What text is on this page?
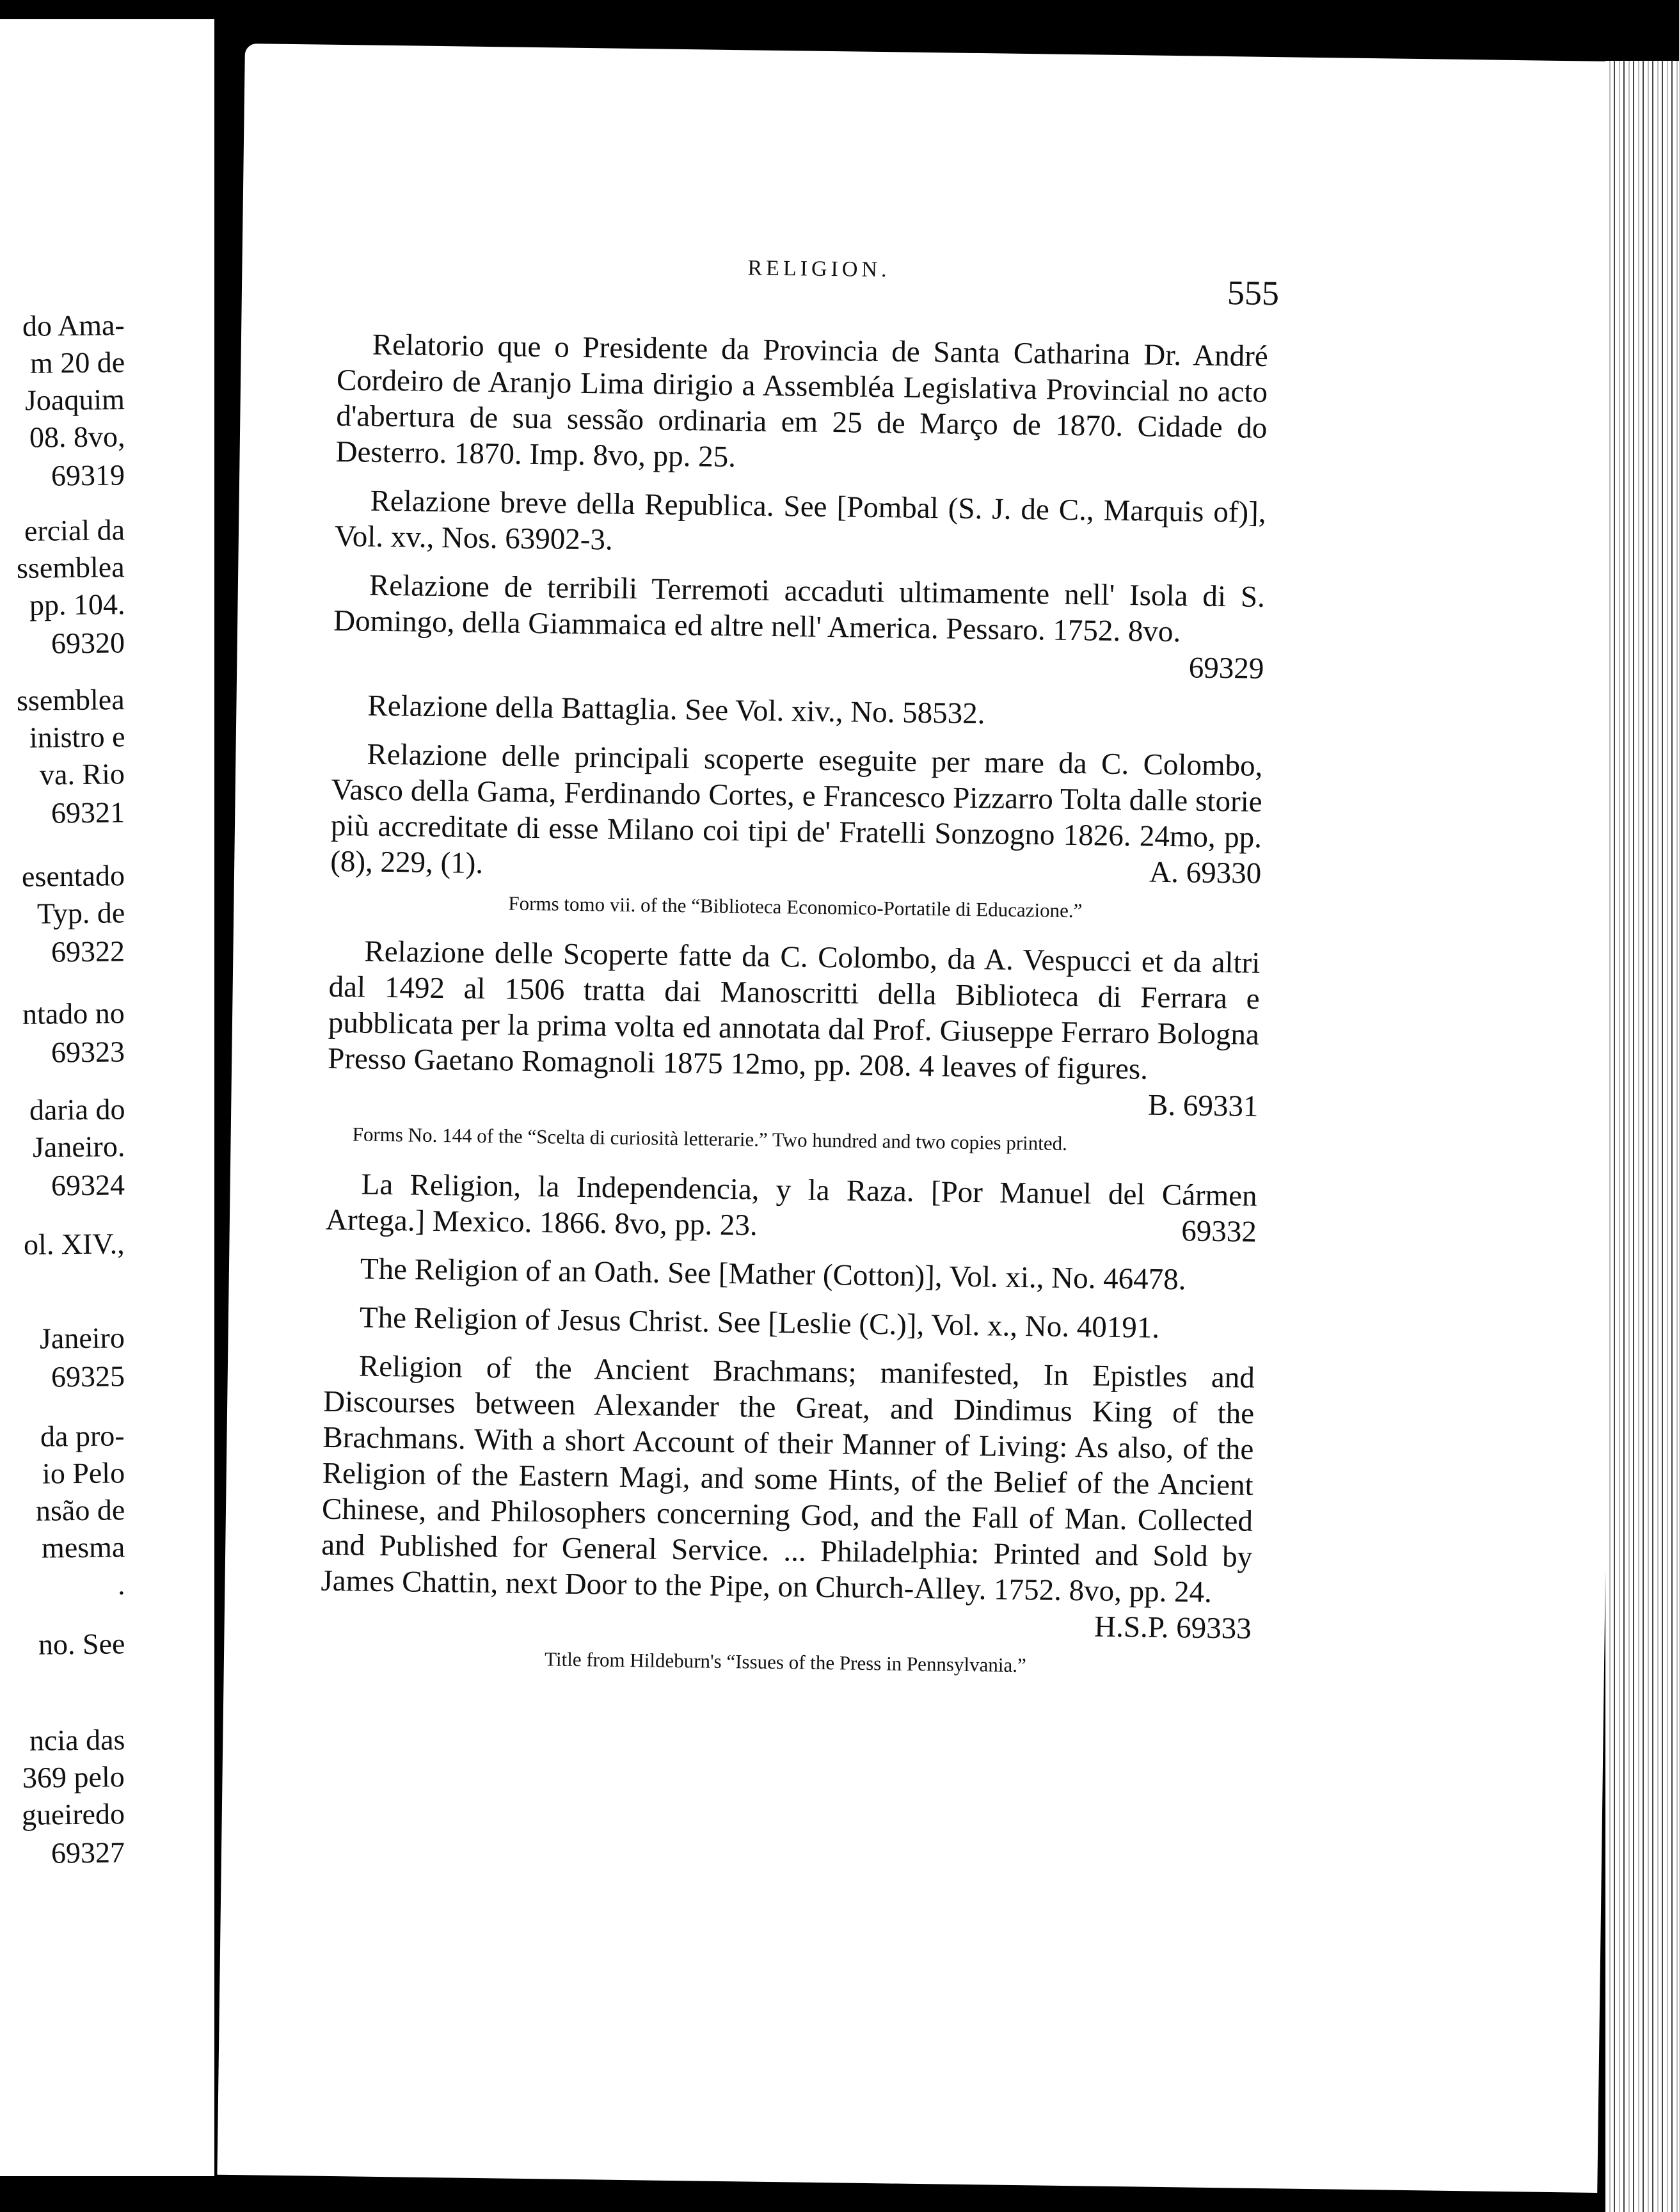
do Ama-
m 20 de
Joaquim
08. 8vo,
69319
ercial da
ssemblea
pp. 104.
69320
ssemblea
inistro e
va. Rio
69321
esentado
Typ. de
69322
ntado no
69323
daria do
Janeiro.
69324
ol. XIV.,
Janeiro
69325
da pro-
io Pelo
nsão de
mesma
.
no. See
ncia das
369 pelo
gueiredo
69327
RELIGION.
555
Relatorio que o Presidente da Provincia de Santa Catharina Dr. André Cordeiro de Aranjo Lima dirigio a Assembléa Legislativa Provincial no acto d'abertura de sua sessão ordinaria em 25 de Março de 1870. Cidade do Desterro. 1870. Imp. 8vo, pp. 25.
Relazione breve della Republica. See [Pombal (S. J. de C., Marquis of)], Vol. xv., Nos. 63902-3.
Relazione de terribili Terremoti accaduti ultimamente nell' Isola di S. Domingo, della Giammaica ed altre nell' America. Pessaro. 1752. 8vo.
69329
Relazione della Battaglia. See Vol. xiv., No. 58532.
Relazione delle principali scoperte eseguite per mare da C. Colombo, Vasco della Gama, Ferdinando Cortes, e Francesco Pizzarro Tolta dalle storie più accreditate di esse Milano coi tipi de' Fratelli Sonzogno 1826. 24mo, pp. (8), 229, (1).	A. 69330
Forms tomo vii. of the “Biblioteca Economico-Portatile di Educazione.”
Relazione delle Scoperte fatte da C. Colombo, da A. Vespucci et da altri dal 1492 al 1506 tratta dai Manoscritti della Biblioteca di Ferrara e pubblicata per la prima volta ed annotata dal Prof. Giuseppe Ferraro Bologna Presso Gaetano Romagnoli 1875 12mo, pp. 208. 4 leaves of figures.
B. 69331
Forms No. 144 of the “Scelta di curiosità letterarie.” Two hundred and two copies printed.
La Religion, la Independencia, y la Raza. [Por Manuel del Cármen Artega.] Mexico. 1866. 8vo, pp. 23.	69332
The Religion of an Oath. See [Mather (Cotton)], Vol. xi., No. 46478.
The Religion of Jesus Christ. See [Leslie (C.)], Vol. x., No. 40191.
Religion of the Ancient Brachmans; manifested, In Epistles and Discourses between Alexander the Great, and Dindimus King of the Brachmans. With a short Account of their Manner of Living: As also, of the Religion of the Eastern Magi, and some Hints, of the Belief of the Ancient Chinese, and Philosophers concerning God, and the Fall of Man. Collected and Published for General Service. ... Philadelphia: Printed and Sold by James Chattin, next Door to the Pipe, on Church-Alley. 1752. 8vo, pp. 24.
H.S.P. 69333
Title from Hildeburn's “Issues of the Press in Pennsylvania.”
